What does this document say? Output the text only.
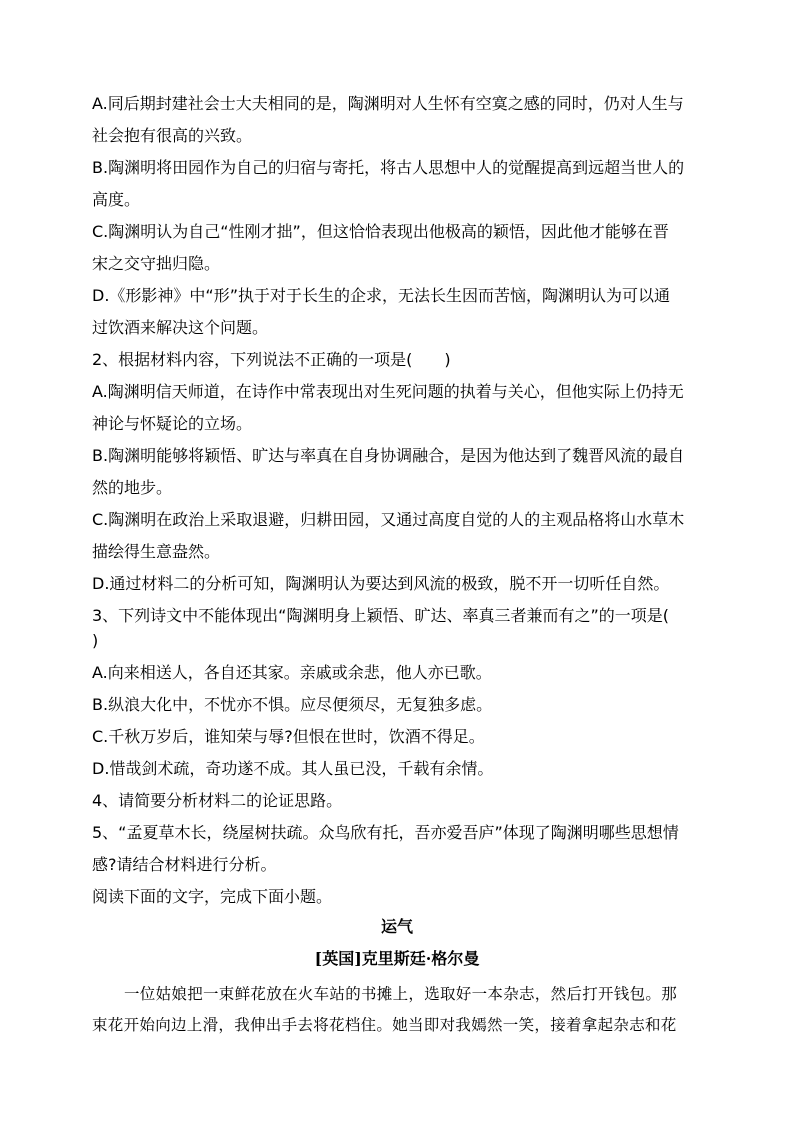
A.同后期封建社会士大夫相同的是，陶渊明对人生怀有空寞之感的同时，仍对人生与
社会抱有很高的兴致。
B.陶渊明将田园作为自己的归宿与寄托，将古人思想中人的觉醒提高到远超当世人的
高度。
C.陶渊明认为自己“性刚才拙”，但这恰恰表现出他极高的颖悟，因此他才能够在晋
宋之交守拙归隐。
D.《形影神》中“形”执于对于长生的企求，无法长生因而苦恼，陶渊明认为可以通
过饮酒来解决这个问题。
2、根据材料内容，下列说法不正确的一项是(　　)
A.陶渊明信天师道，在诗作中常表现出对生死问题的执着与关心，但他实际上仍持无
神论与怀疑论的立场。
B.陶渊明能够将颖悟、旷达与率真在自身协调融合，是因为他达到了魏晋风流的最自
然的地步。
C.陶渊明在政治上采取退避，归耕田园，又通过高度自觉的人的主观品格将山水草木
描绘得生意盎然。
D.通过材料二的分析可知，陶渊明认为要达到风流的极致，脱不开一切听任自然。
3、下列诗文中不能体现出“陶渊明身上颖悟、旷达、率真三者兼而有之”的一项是(
)
A.向来相送人，各自还其家。亲戚或余悲，他人亦已歌。
B.纵浪大化中，不忧亦不惧。应尽便须尽，无复独多虑。
C.千秋万岁后，谁知荣与辱?但恨在世时，饮酒不得足。
D.惜哉剑术疏，奇功遂不成。其人虽已没，千载有余情。
4、请简要分析材料二的论证思路。
5、“孟夏草木长，绕屋树扶疏。众鸟欣有托，吾亦爱吾庐”体现了陶渊明哪些思想情
感?请结合材料进行分析。
阅读下面的文字，完成下面小题。
运气
[英国]克里斯廷·格尔曼
一位姑娘把一束鲜花放在火车站的书摊上，选取好一本杂志，然后打开钱包。那
束花开始向边上滑，我伸出手去将花档住。她当即对我嫣然一笑，接着拿起杂志和花
